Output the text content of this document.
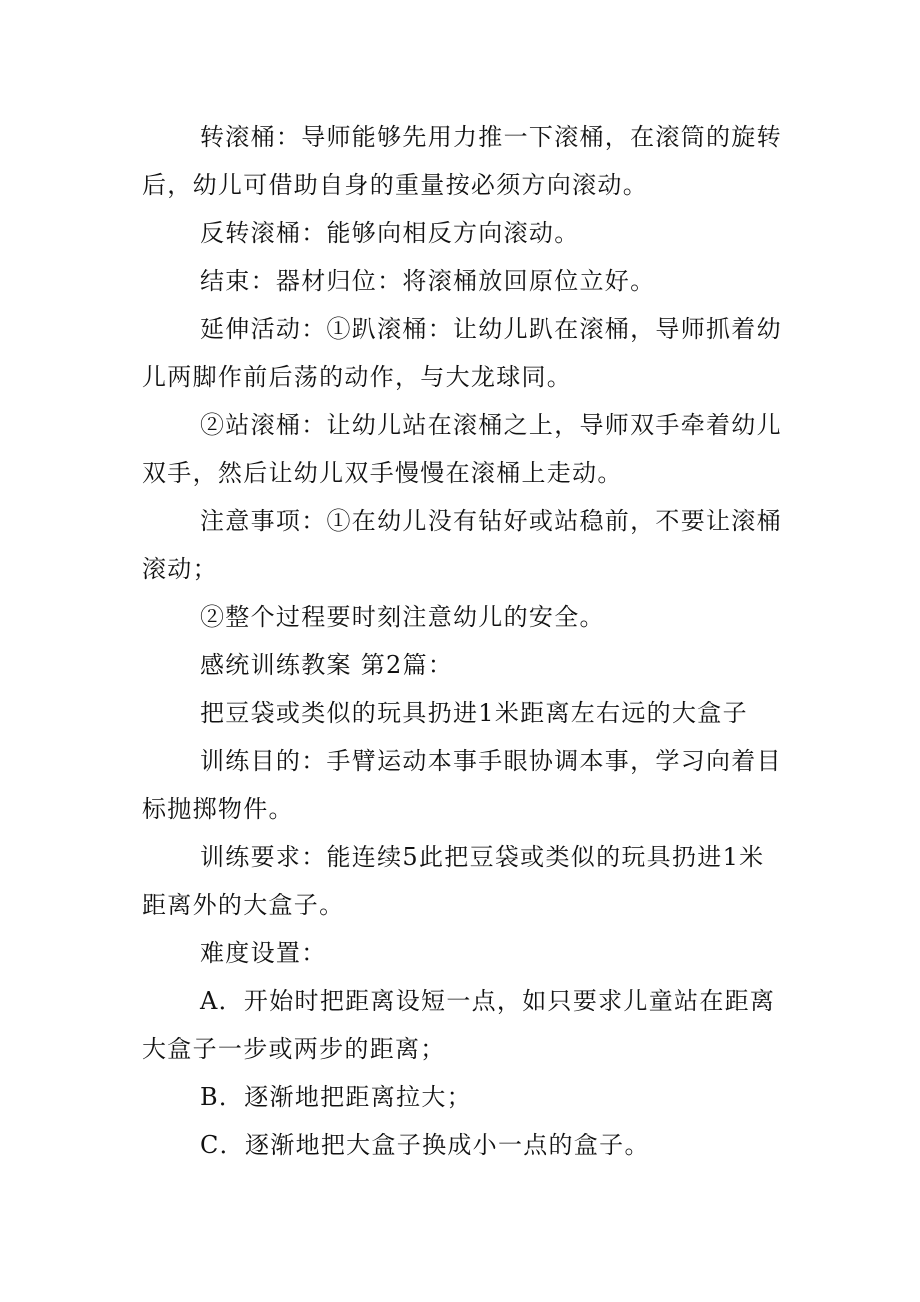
转滚桶：导师能够先用力推一下滚桶，在滚筒的旋转后，幼儿可借助自身的重量按必须方向滚动。

反转滚桶：能够向相反方向滚动。

结束：器材归位：将滚桶放回原位立好。

延伸活动：①趴滚桶：让幼儿趴在滚桶，导师抓着幼儿两脚作前后荡的动作，与大龙球同。

②站滚桶：让幼儿站在滚桶之上，导师双手牵着幼儿双手，然后让幼儿双手慢慢在滚桶上走动。

注意事项：①在幼儿没有钻好或站稳前，不要让滚桶滚动；

②整个过程要时刻注意幼儿的安全。

感统训练教案 第2篇：

把豆袋或类似的玩具扔进1米距离左右远的大盒子

训练目的：手臂运动本事手眼协调本事，学习向着目标抛掷物件。

训练要求：能连续5此把豆袋或类似的玩具扔进1米距离外的大盒子。

难度设置：

A．开始时把距离设短一点，如只要求儿童站在距离大盒子一步或两步的距离；

B．逐渐地把距离拉大；

C．逐渐地把大盒子换成小一点的盒子。
